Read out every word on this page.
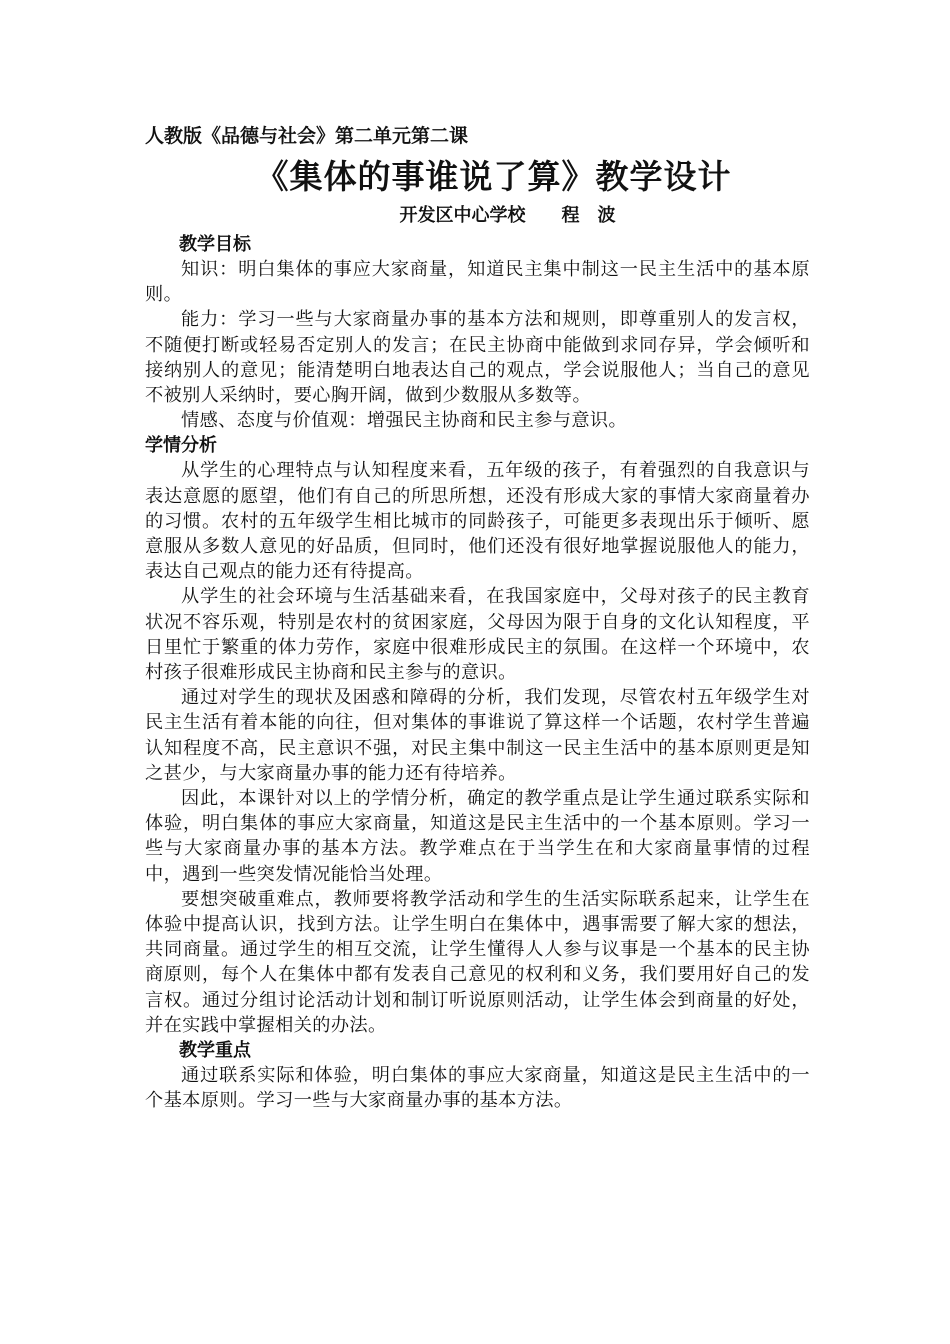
人教版《品德与社会》第二单元第二课
《集体的事谁说了算》教学设计
开发区中心学校 程　波
教学目标

知识：明白集体的事应大家商量，知道民主集中制这一民主生活中的基本原则。

能力：学习一些与大家商量办事的基本方法和规则，即尊重别人的发言权，不随便打断或轻易否定别人的发言；在民主协商中能做到求同存异，学会倾听和接纳别人的意见；能清楚明白地表达自己的观点，学会说服他人；当自己的意见不被别人采纳时，要心胸开阔，做到少数服从多数等。

情感、态度与价值观：增强民主协商和民主参与意识。

学情分析

从学生的心理特点与认知程度来看，五年级的孩子，有着强烈的自我意识与表达意愿的愿望，他们有自己的所思所想，还没有形成大家的事情大家商量着办的习惯。农村的五年级学生相比城市的同龄孩子，可能更多表现出乐于倾听、愿意服从多数人意见的好品质，但同时，他们还没有很好地掌握说服他人的能力，表达自己观点的能力还有待提高。

从学生的社会环境与生活基础来看，在我国家庭中，父母对孩子的民主教育状况不容乐观，特别是农村的贫困家庭，父母因为限于自身的文化认知程度，平日里忙于繁重的体力劳作，家庭中很难形成民主的氛围。在这样一个环境中，农村孩子很难形成民主协商和民主参与的意识。

通过对学生的现状及困惑和障碍的分析，我们发现，尽管农村五年级学生对民主生活有着本能的向往，但对集体的事谁说了算这样一个话题，农村学生普遍认知程度不高，民主意识不强，对民主集中制这一民主生活中的基本原则更是知之甚少，与大家商量办事的能力还有待培养。

因此，本课针对以上的学情分析，确定的教学重点是让学生通过联系实际和体验，明白集体的事应大家商量，知道这是民主生活中的一个基本原则。学习一些与大家商量办事的基本方法。教学难点在于当学生在和大家商量事情的过程中，遇到一些突发情况能恰当处理。

要想突破重难点，教师要将教学活动和学生的生活实际联系起来，让学生在体验中提高认识，找到方法。让学生明白在集体中，遇事需要了解大家的想法，共同商量。通过学生的相互交流，让学生懂得人人参与议事是一个基本的民主协商原则，每个人在集体中都有发表自己意见的权利和义务，我们要用好自己的发言权。通过分组讨论活动计划和制订听说原则活动，让学生体会到商量的好处，并在实践中掌握相关的办法。

教学重点

通过联系实际和体验，明白集体的事应大家商量，知道这是民主生活中的一个基本原则。学习一些与大家商量办事的基本方法。
